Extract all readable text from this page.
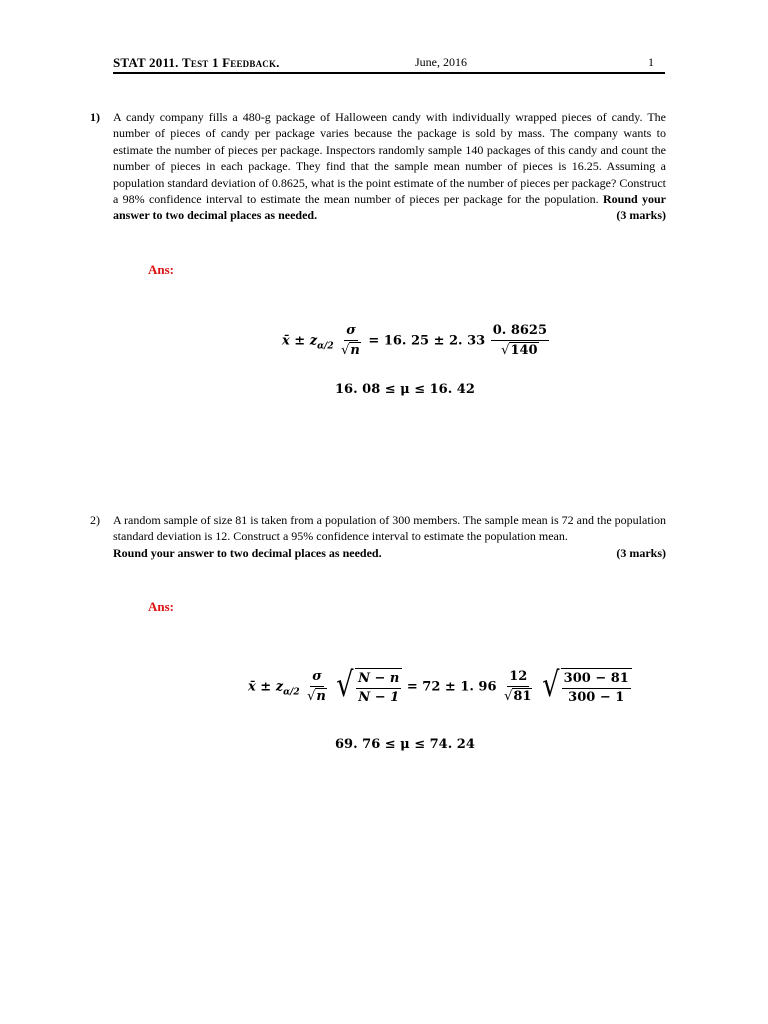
STAT 2011. Test 1 Feedback.	June, 2016	1
1) A candy company fills a 480-g package of Halloween candy with individually wrapped pieces of candy. The number of pieces of candy per package varies because the package is sold by mass. The company wants to estimate the number of pieces per package. Inspectors randomly sample 140 packages of this candy and count the number of pieces in each package. They find that the sample mean number of pieces is 16.25. Assuming a population standard deviation of 0.8625, what is the point estimate of the number of pieces per package? Construct a 98% confidence interval to estimate the mean number of pieces per package for the population. Round your answer to two decimal places as needed.	(3 marks)
Ans:
x̄ ± $z_{\alpha/2} \frac{\sigma}{√n} = 16$. 25 ± 2. $33 \frac{0. 8625}{√140}$
16. 08 ≤ μ ≤ 16. 42
2) A random sample of size 81 is taken from a population of 300 members. The sample mean is 72 and the population standard deviation is 12. Construct a 95% confidence interval to estimate the population mean.
Round your answer to two decimal places as needed.	(3 marks)
Ans:
x̄ ± $z_{\alpha/2} \frac{\sigma}{√n}$
√ $\frac{N - n}{N - 1} = 72 \pm 1$. $96 \frac{12}{√81}$
√ $\frac{300 - 81}{300 - 1}$
69. 76 ≤ μ ≤ 74. 24
